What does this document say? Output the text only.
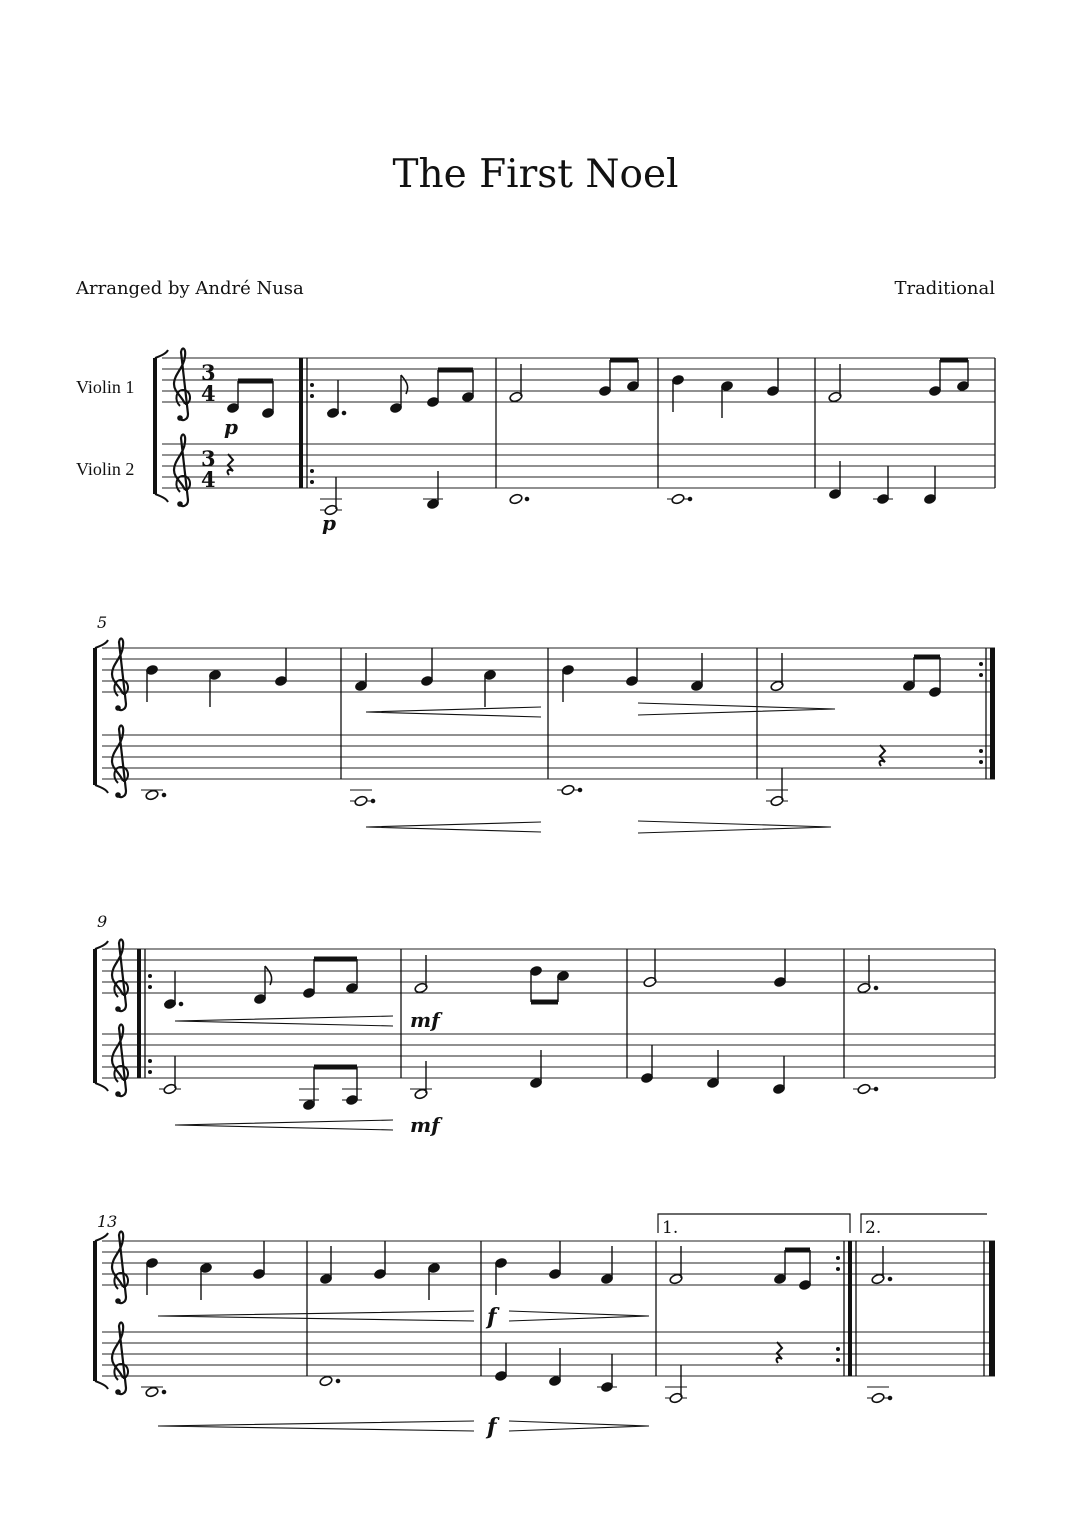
The First Noel
Arranged by André Nusa	Traditional
Violin 1
Violin 2
3
4
3
4
p
p
5
9
mf
mf
13
f
f
1.	2.
